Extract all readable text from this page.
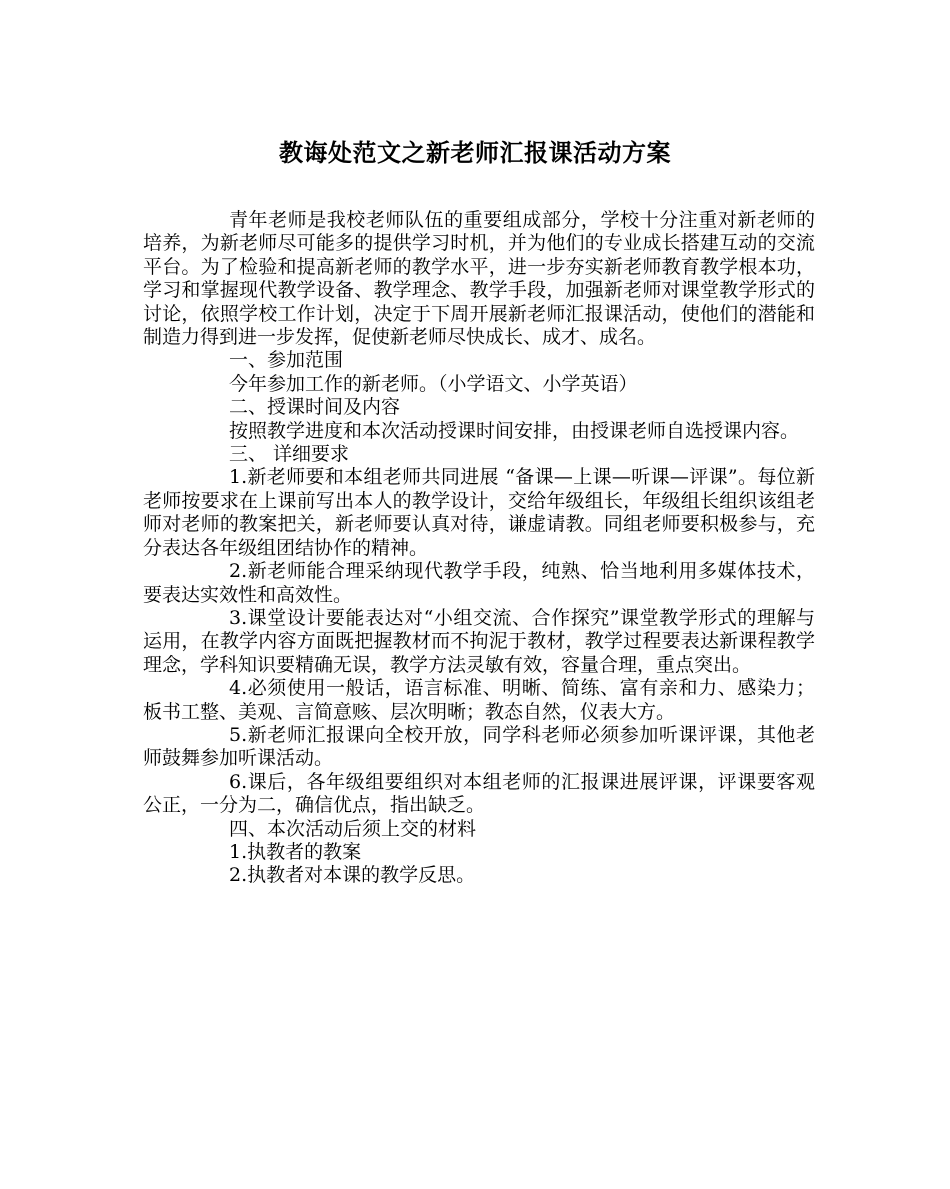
教诲处范文之新老师汇报课活动方案

青年老师是我校老师队伍的重要组成部分，学校十分注重对新老师的培养，为新老师尽可能多的提供学习时机，并为他们的专业成长搭建互动的交流平台。为了检验和提高新老师的教学水平，进一步夯实新老师教育教学根本功，学习和掌握现代教学设备、教学理念、教学手段，加强新老师对课堂教学形式的讨论，依照学校工作计划，决定于下周开展新老师汇报课活动，使他们的潜能和制造力得到进一步发挥，促使新老师尽快成长、成才、成名。

一、参加范围

今年参加工作的新老师。（小学语文、小学英语）

二、授课时间及内容

按照教学进度和本次活动授课时间安排，由授课老师自选授课内容。

三、 详细要求

1.新老师要和本组老师共同进展 “备课—上课—听课—评课”。每位新老师按要求在上课前写出本人的教学设计，交给年级组长，年级组长组织该组老师对老师的教案把关，新老师要认真对待，谦虚请教。同组老师要积极参与，充分表达各年级组团结协作的精神。

2.新老师能合理采纳现代教学手段，纯熟、恰当地利用多媒体技术，要表达实效性和高效性。

3.课堂设计要能表达对“小组交流、合作探究”课堂教学形式的理解与运用，在教学内容方面既把握教材而不拘泥于教材，教学过程要表达新课程教学理念，学科知识要精确无误，教学方法灵敏有效，容量合理，重点突出。

4.必须使用一般话，语言标准、明晰、简练、富有亲和力、感染力；板书工整、美观、言简意赅、层次明晰；教态自然，仪表大方。

5.新老师汇报课向全校开放，同学科老师必须参加听课评课，其他老师鼓舞参加听课活动。

6.课后，各年级组要组织对本组老师的汇报课进展评课，评课要客观公正，一分为二，确信优点，指出缺乏。

四、本次活动后须上交的材料

1.执教者的教案

2.执教者对本课的教学反思。
